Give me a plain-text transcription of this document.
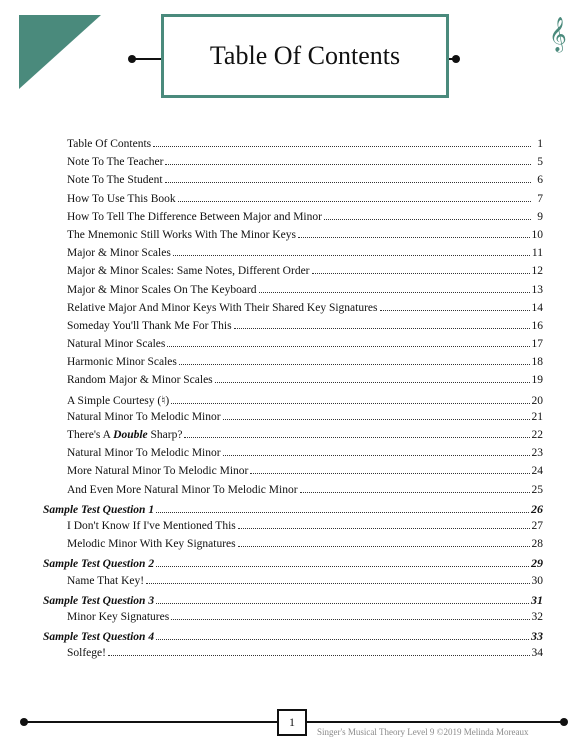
𝄞
Table Of Contents
Table Of Contents	1
Note To The Teacher	5
Note To The Student	6
How To Use This Book	7
How To Tell The Difference Between Major and Minor	9
The Mnemonic Still Works With The Minor Keys	10
Major & Minor Scales	11
Major & Minor Scales: Same Notes, Different Order	12
Major & Minor Scales On The Keyboard	13
Relative Major And Minor Keys With Their Shared Key Signatures	14
Someday You'll Thank Me For This	16
Natural Minor Scales	17
Harmonic Minor Scales	18
Random Major & Minor Scales	19
A Simple Courtesy (♮)	20
Natural Minor To Melodic Minor	21
There's A Double Sharp?	22
Natural Minor To Melodic Minor	23
More Natural Minor To Melodic Minor	24
And Even More Natural Minor To Melodic Minor	25
Sample Test Question 1	26
I Don't Know If I've Mentioned This	27
Melodic Minor With Key Signatures	28
Sample Test Question 2	29
Name That Key!	30
Sample Test Question 3	31
Minor Key Signatures	32
Sample Test Question 4	33
Solfege!	34
1
Singer's Musical Theory Level 9 ©2019 Melinda Moreaux
